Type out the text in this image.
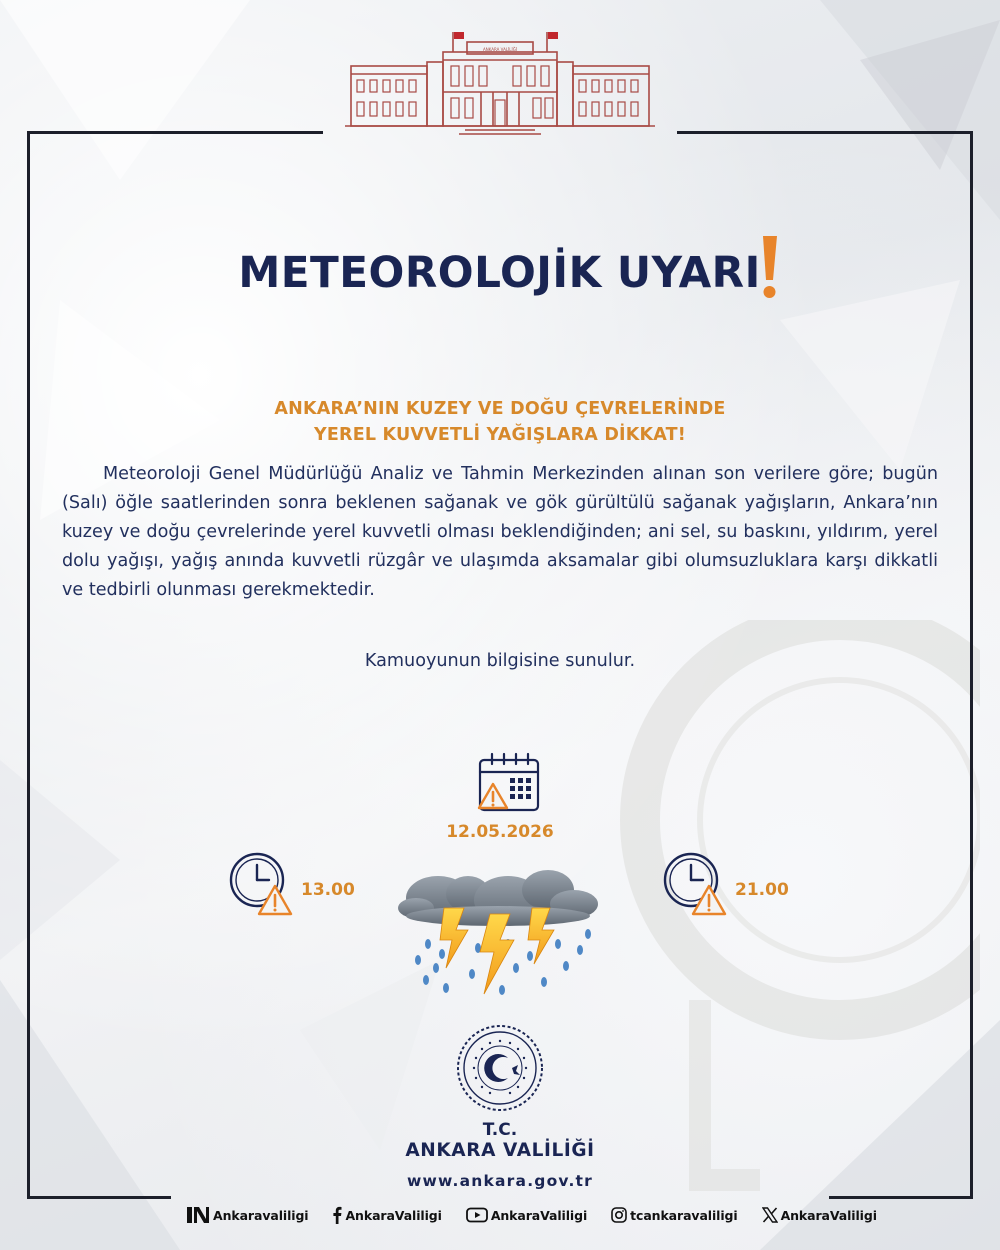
ANKARA VALİLİĞİ
METEOROLOJİK UYARI
ANKARA’NIN KUZEY VE DOĞU ÇEVRELERİNDE
YEREL KUVVETLİ YAĞIŞLARA DİKKAT!

Meteoroloji Genel Müdürlüğü Analiz ve Tahmin Merkezinden alınan son verilere göre; bugün (Salı) öğle saatlerinden sonra beklenen sağanak ve gök gürültülü sağanak yağışların, Ankara’nın kuzey ve doğu çevrelerinde yerel kuvvetli olması beklendiğinden; ani sel, su baskını, yıldırım, yerel dolu yağışı, yağış anında kuvvetli rüzgâr ve ulaşımda aksamalar gibi olumsuzluklara karşı dikkatli ve tedbirli olunması gerekmektedir.

Kamuoyunun bilgisine sunulur.
12.05.2026
13.00	21.00
T.C.
ANKARA VALİLİĞİ
www.ankara.gov.tr
Ankaravaliligi	AnkaraValiligi	AnkaraValiligi	tcankaravaliligi	AnkaraValiligi
